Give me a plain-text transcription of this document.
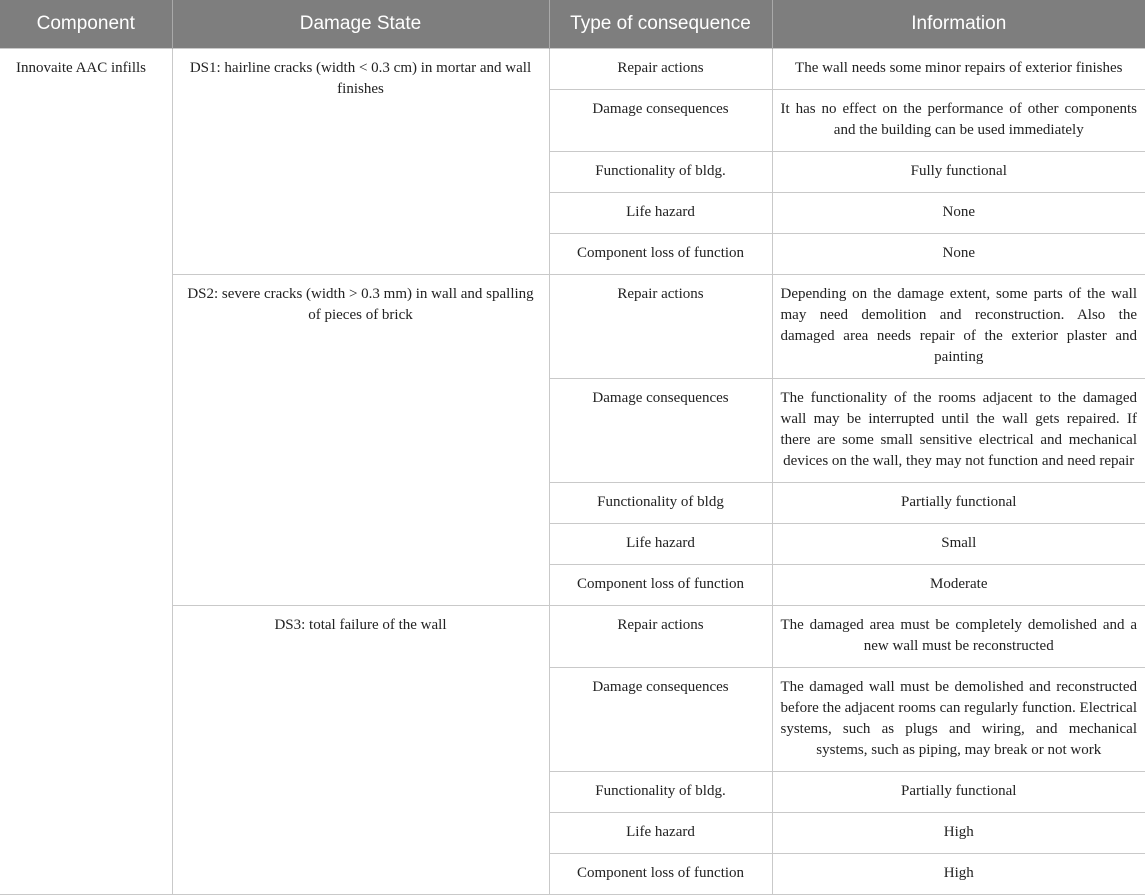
Component	Damage State	Type of consequence	Information
Innovaite AAC infills	DS1: hairline cracks (width < 0.3 cm) in mortar and wall finishes	Repair actions	The wall needs some minor repairs of exterior finishes
		Damage consequences	It has no effect on the performance of other components and the building can be used immediately
		Functionality of bldg.	Fully functional
		Life hazard	None
		Component loss of function	None
	DS2: severe cracks (width > 0.3 mm) in wall and spalling of pieces of brick	Repair actions	Depending on the damage extent, some parts of the wall may need demolition and reconstruction. Also the damaged area needs repair of the exterior plaster and painting
		Damage consequences	The functionality of the rooms adjacent to the damaged wall may be interrupted until the wall gets repaired. If there are some small sensitive electrical and mechanical devices on the wall, they may not function and need repair
		Functionality of bldg	Partially functional
		Life hazard	Small
		Component loss of function	Moderate
	DS3: total failure of the wall	Repair actions	The damaged area must be completely demolished and a new wall must be reconstructed
		Damage consequences	The damaged wall must be demolished and reconstructed before the adjacent rooms can regularly function. Electrical systems, such as plugs and wiring, and mechanical systems, such as piping, may break or not work
		Functionality of bldg.	Partially functional
		Life hazard	High
		Component loss of function	High
